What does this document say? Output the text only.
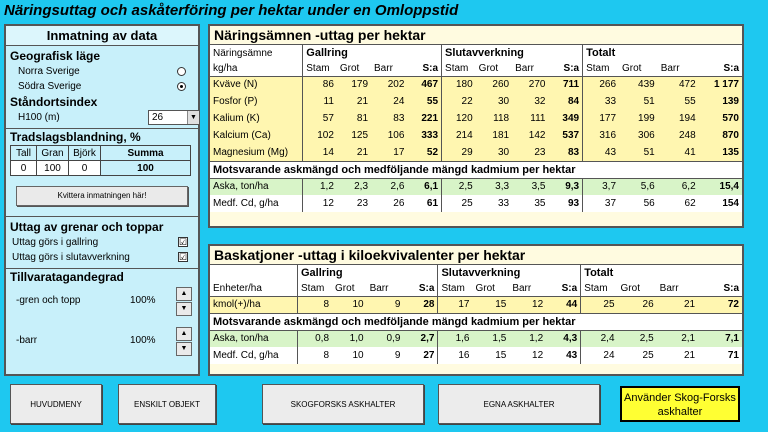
Näringsuttag och askåterföring per hektar under en Omloppstid
Inmatning av data
Geografisk läge
Norra Sverige
Södra Sverige
Ståndortsindex
H100 (m)	26	▼
Tradslagsblandning, %
Tall	Gran	Björk	Summa
0	100	0	100
Kvittera inmatningen här!
Uttag av grenar och toppar
Uttag görs i gallring	☑
Uttag görs i slutavverkning	☑
Tillvaratagandegrad
-gren och topp	100%
▲
▼
-barr	100%
▲
▼
Näringsämnen -uttag per hektar
Näringsämne	Gallring				Slutavverkning				Totalt			
kg/ha	Stam	Grot	Barr	S:a	Stam	Grot	Barr	S:a	Stam	Grot	Barr	S:a
Kväve (N)	86	179	202	467	180	260	270	711	266	439	472	1 177
Fosfor (P)	11	21	24	55	22	30	32	84	33	51	55	139
Kalium (K)	57	81	83	221	120	118	111	349	177	199	194	570
Kalcium (Ca)	102	125	106	333	214	181	142	537	316	306	248	870
Magnesium (Mg)	14	21	17	52	29	30	23	83	43	51	41	135
Motsvarande askmängd och medföljande mängd kadmium per hektar												
Aska, ton/ha	1,2	2,3	2,6	6,1	2,5	3,3	3,5	9,3	3,7	5,6	6,2	15,4
Medf. Cd, g/ha	12	23	26	61	25	33	35	93	37	56	62	154
Baskatjoner -uttag i kiloekvivalenter per hektar
	Gallring				Slutavverkning				Totalt			
Enheter/ha	Stam	Grot	Barr	S:a	Stam	Grot	Barr	S:a	Stam	Grot	Barr	S:a
kmol(+)/ha	8	10	9	28	17	15	12	44	25	26	21	72
Motsvarande askmängd och medföljande mängd kadmium per hektar												
Aska, ton/ha	0,8	1,0	0,9	2,7	1,6	1,5	1,2	4,3	2,4	2,5	2,1	7,1
Medf. Cd, g/ha	8	10	9	27	16	15	12	43	24	25	21	71
HUVUDMENY	ENSKILT OBJEKT	SKOGFORSKS ASKHALTER	EGNA ASKHALTER
Använder Skog-Forsks askhalter
